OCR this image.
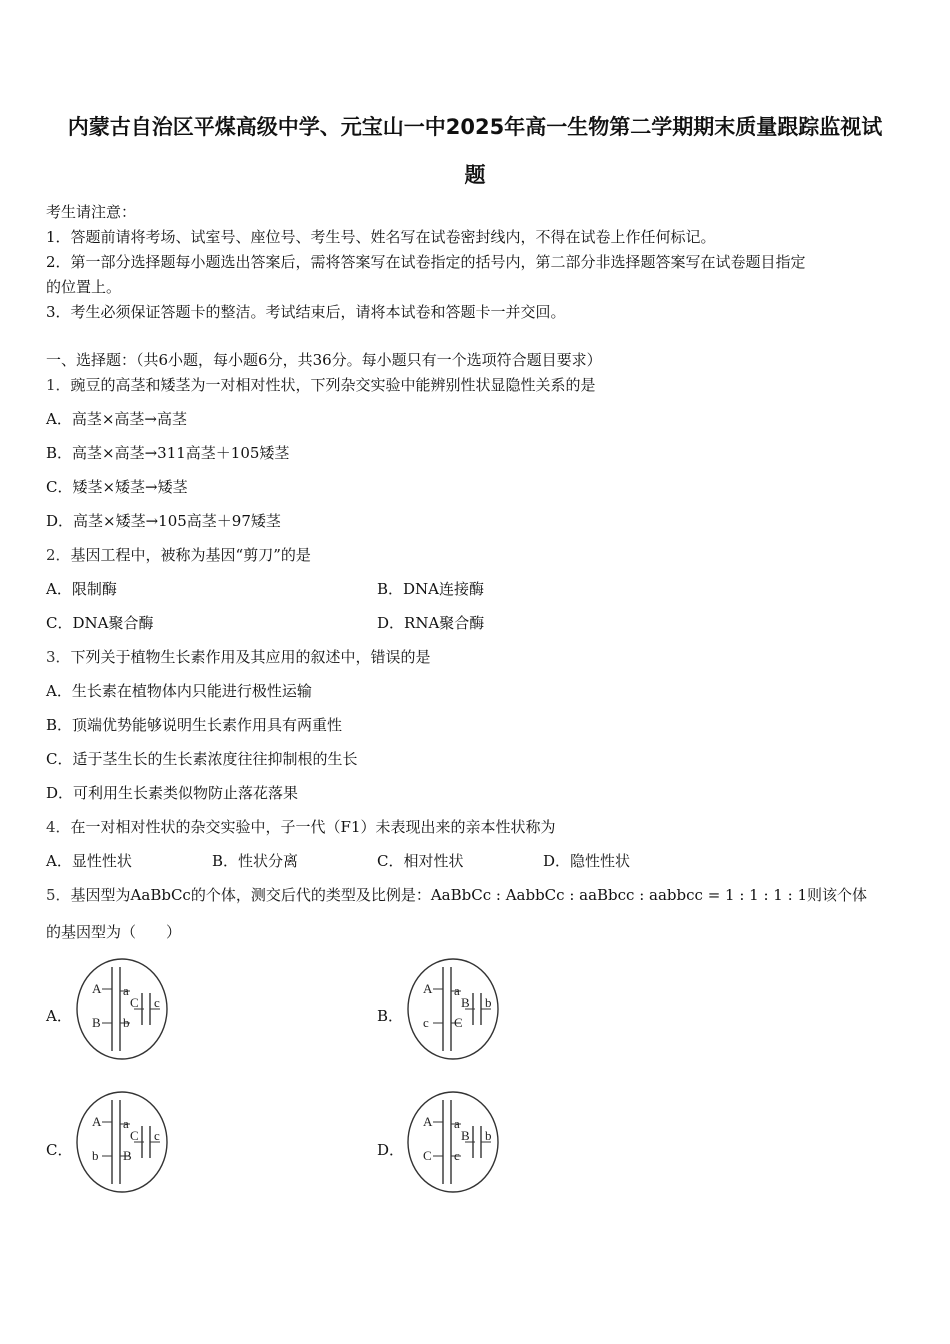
内蒙古自治区平煤高级中学、元宝山一中2025年高一生物第二学期期末质量跟踪监视试
题
考生请注意：
1．答题前请将考场、试室号、座位号、考生号、姓名写在试卷密封线内，不得在试卷上作任何标记。
2．第一部分选择题每小题选出答案后，需将答案写在试卷指定的括号内，第二部分非选择题答案写在试卷题目指定
的位置上。
3．考生必须保证答题卡的整洁。考试结束后，请将本试卷和答题卡一并交回。
一、选择题：（共6小题，每小题6分，共36分。每小题只有一个选项符合题目要求）
1．豌豆的高茎和矮茎为一对相对性状，下列杂交实验中能辨别性状显隐性关系的是
A．高茎×高茎→高茎
B．高茎×高茎→311高茎＋105矮茎
C．矮茎×矮茎→矮茎
D．高茎×矮茎→105高茎＋97矮茎
2．基因工程中，被称为基因“剪刀”的是
A．限制酶	B．DNA连接酶
C．DNA聚合酶	D．RNA聚合酶
3．下列关于植物生长素作用及其应用的叙述中，错误的是
A．生长素在植物体内只能进行极性运输
B．顶端优势能够说明生长素作用具有两重性
C．适于茎生长的生长素浓度往往抑制根的生长
D．可利用生长素类似物防止落花落果
4．在一对相对性状的杂交实验中，子一代（F1）未表现出来的亲本性状称为
A．显性性状	B．性状分离	C．相对性状	D．隐性性状
5．基因型为AaBbCc的个体，测交后代的类型及比例是：AaBbCc : AabbCc : aaBbcc : aabbcc = 1 : 1 : 1 : 1则该个体
的基因型为（　　）
A．	B．
C．	D．
A
B
a
b
C c
A
c
a
C
B b
A
b
a
B
C c
A
C
a
c
B b
